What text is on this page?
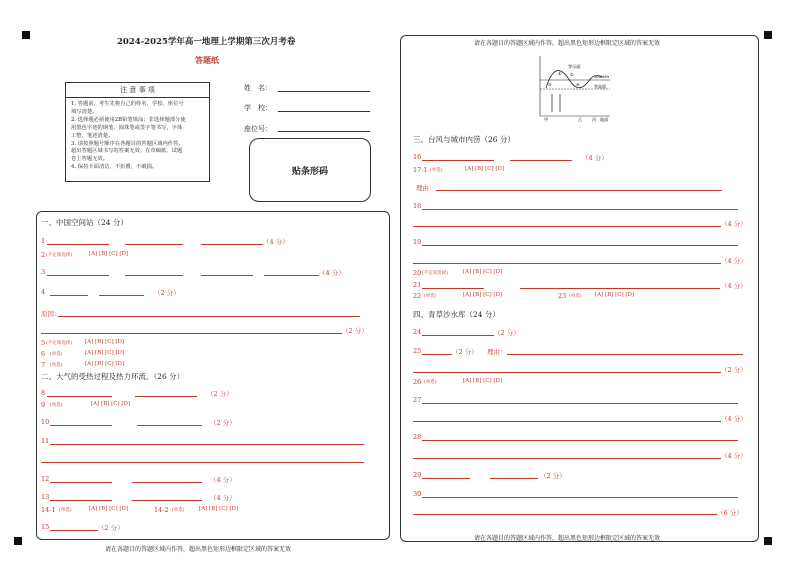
2024-2025学年高一地理上学期第三次月考卷
答题纸
注 意 事 项
1. 答题前，考生先将自己的姓名、学校、座位号
填写清楚。
2. 选择题必须使用2B铅笔填涂；非选择题部分使
用黑色字迹的钢笔、圆珠笔或签字笔书写，字体
工整、笔迹清楚。
3. 请按照题号顺序在各题目的答题区域内作答，
超出答题区域书写的答案无效；在草稿纸、试题
卷上答题无效。
4. 保持卡面清洁，不折叠，不破损。
姓　名：
学　校：
座位号：
贴条形码
请在各题目的答题区域内作答，超出黑色矩形边框限定区域的答案无效
请在各题目的答题区域内作答，超出黑色矩形边框限定区域的答案无效
请在各题目的答题区域内作答，超出黑色矩形边框限定区域的答案无效
等压面
1000hPa
等高面
① ②
③	④
甲	乙 丙 地面
一、中国空间站（24 分）
1	（4 分）
2 (不定项选择)	[A] [B] [C] [D]
3	（4 分）
4	（2 分）
原因：
（2 分）
5 (不定项选择) [A] [B] [C] [D]
6 (单选)	[A] [B] [C] [D]
7 (单选)	[A] [B] [C] [D]
二、大气的受热过程及热力环流。（26 分）
8	（2 分）
9 (单选)	[A] [B] [C] [D]
10	（2 分）
11
12	（4 分）
13	（4 分）
14-1 (单选)	[A] [B] [C] [D]	14-2 (单选)	[A] [B] [C] [D]
15	（2 分）
三、台风与城市内涝（26 分）
16	（4 分）
17-1 (单选)	[A] [B] [C] [D]
理由：
18
（4 分）
19
（4 分）
20 (不定项选择)	[A] [B] [C] [D]
21	（4 分）
22 (单选)	[A] [B] [C] [D]	23 (单选) [A] [B] [C] [D]
四、青草沙水库（24 分）
24	（2 分）
25	（2 分） 理由：
（2 分）
26 (单选)	[A] [B] [C] [D]
27
（4 分）
28
（4 分）
29	（2 分）
30
（6 分）
